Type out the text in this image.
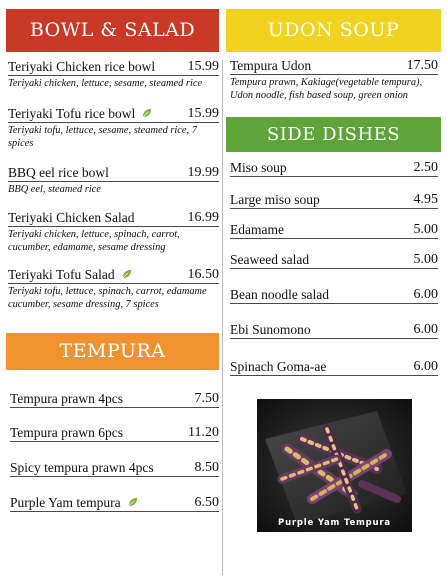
BOWL & SALAD	UDON SOUP
SIDE DISHES
TEMPURA
Teriyaki Chicken rice bowl 15.99
Teriyaki chicken, lettuce, sesame, steamed rice
Teriyaki Tofu rice bowl	15.99
Teriyaki tofu, lettuce, sesame, steamed rice, 7 spices
BBQ eel rice bowl	19.99
BBQ eel, steamed rice
Teriyaki Chicken Salad	16.99
Teriyaki chicken, lettuce, spinach, carrot, cucumber, edamame, sesame dressing
Teriyaki Tofu Salad	16.50
Teriyaki tofu, lettuce, spinach, carrot, edamame cucumber, sesame dressing, 7 spices
Tempura Udon	17.50
Tempura prawn, Kakiage(vegetable tempura), Udon noodle, fish based soup, green onion
Miso soup	2.50
Large miso soup	4.95
Edamame	5.00
Seaweed salad	5.00
Bean noodle salad	6.00
Ebi Sunomono	6.00
Spinach Goma-ae	6.00
Tempura prawn 4pcs	7.50
Tempura prawn 6pcs	11.20
Spicy tempura prawn 4pcs	8.50
Purple Yam tempura	6.50
Purple Yam Tempura
